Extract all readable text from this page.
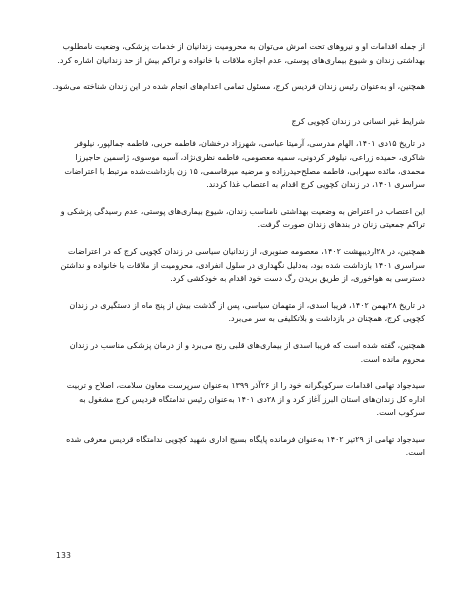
از جمله اقدامات او و نیروهای تحت امرش می‌توان به محرومیت زندانیان از خدمات پزشکی، وضعیت نامطلوب بهداشتی زندان و شیوع بیماری‌های پوستی، عدم اجازه ملاقات با خانواده و تراکم بیش از حد زندانیان اشاره کرد.

همچنین، او به‌عنوان رئیس زندان قردیس کرج، مسئول تمامی اعدام‌های انجام شده در این زندان شناخته می‌شود.

شرایط غیر انسانی در زندان کچویی کرج

در تاریخ ۱۵دی ۱۴۰۱، الهام مدرسی، آرمیتا عباسی، شهرزاد درخشان، فاطمه حربی، فاطمه جمالپور، نیلوفر شاکری، حمیده زراعی، نیلوفر کردونی، سمیه معصومی، فاطمه نظری‌نژاد، آسیه موسوی، ژاسمین حاجیرزا محمدی، مائده سهرابی، فاطمه مصلح‌حیدرزاده و مرضیه میرقاسمی، ۱۵ زن بازداشت‌شده مرتبط با اعتراضات سراسری ۱۴۰۱، در زندان کچویی کرج اقدام به اعتصاب غذا کردند.

این اعتصاب در اعتراض به وضعیت بهداشتی نامناسب زندان، شیوع بیماری‌های پوستی، عدم رسیدگی پزشکی و تراکم جمعیتی زنان در بندهای زندان صورت گرفت.

همچنین، در ۲۸اردیبهشت ۱۴۰۲، معصومه صنوبری، از زندانیان سیاسی در زندان کچویی کرج که در اعتراضات سراسری ۱۴۰۱ بازداشت شده بود، به‌دلیل نگهداری در سلول انفرادی، محرومیت از ملاقات با خانواده و نداشتن دسترسی به هواخوری، از طریق بریدن رگ دست خود اقدام به خودکشی کرد.

در تاریخ ۲۸بهمن ۱۴۰۲، فریبا اسدی، از متهمان سیاسی، پس از گذشت بیش از پنج ماه از دستگیری در زندان کچویی کرج، همچنان در بازداشت و بلاتکلیفی به سر می‌برد.

همچنین، گفته شده است که فریبا اسدی از بیماری‌های قلبی رنج می‌برد و از درمان پزشکی مناسب در زندان محروم مانده است.

سیدجواد تهامی اقدامات سرکوبگرانه خود را از ۲۶آذر ۱۳۹۹ به‌عنوان سرپرست معاون سلامت، اصلاح و تربیت اداره کل زندان‌های استان البرز آغاز کرد و از ۲۸دی ۱۴۰۱ به‌عنوان رئیس ندامتگاه قردیس کرج مشغول به سرکوب است.

سیدجواد تهامی از ۲۹تیر ۱۴۰۲ به‌عنوان فرمانده پایگاه بسیج اداری شهید کچویی ندامتگاه قردیس معرفی شده است.

133
